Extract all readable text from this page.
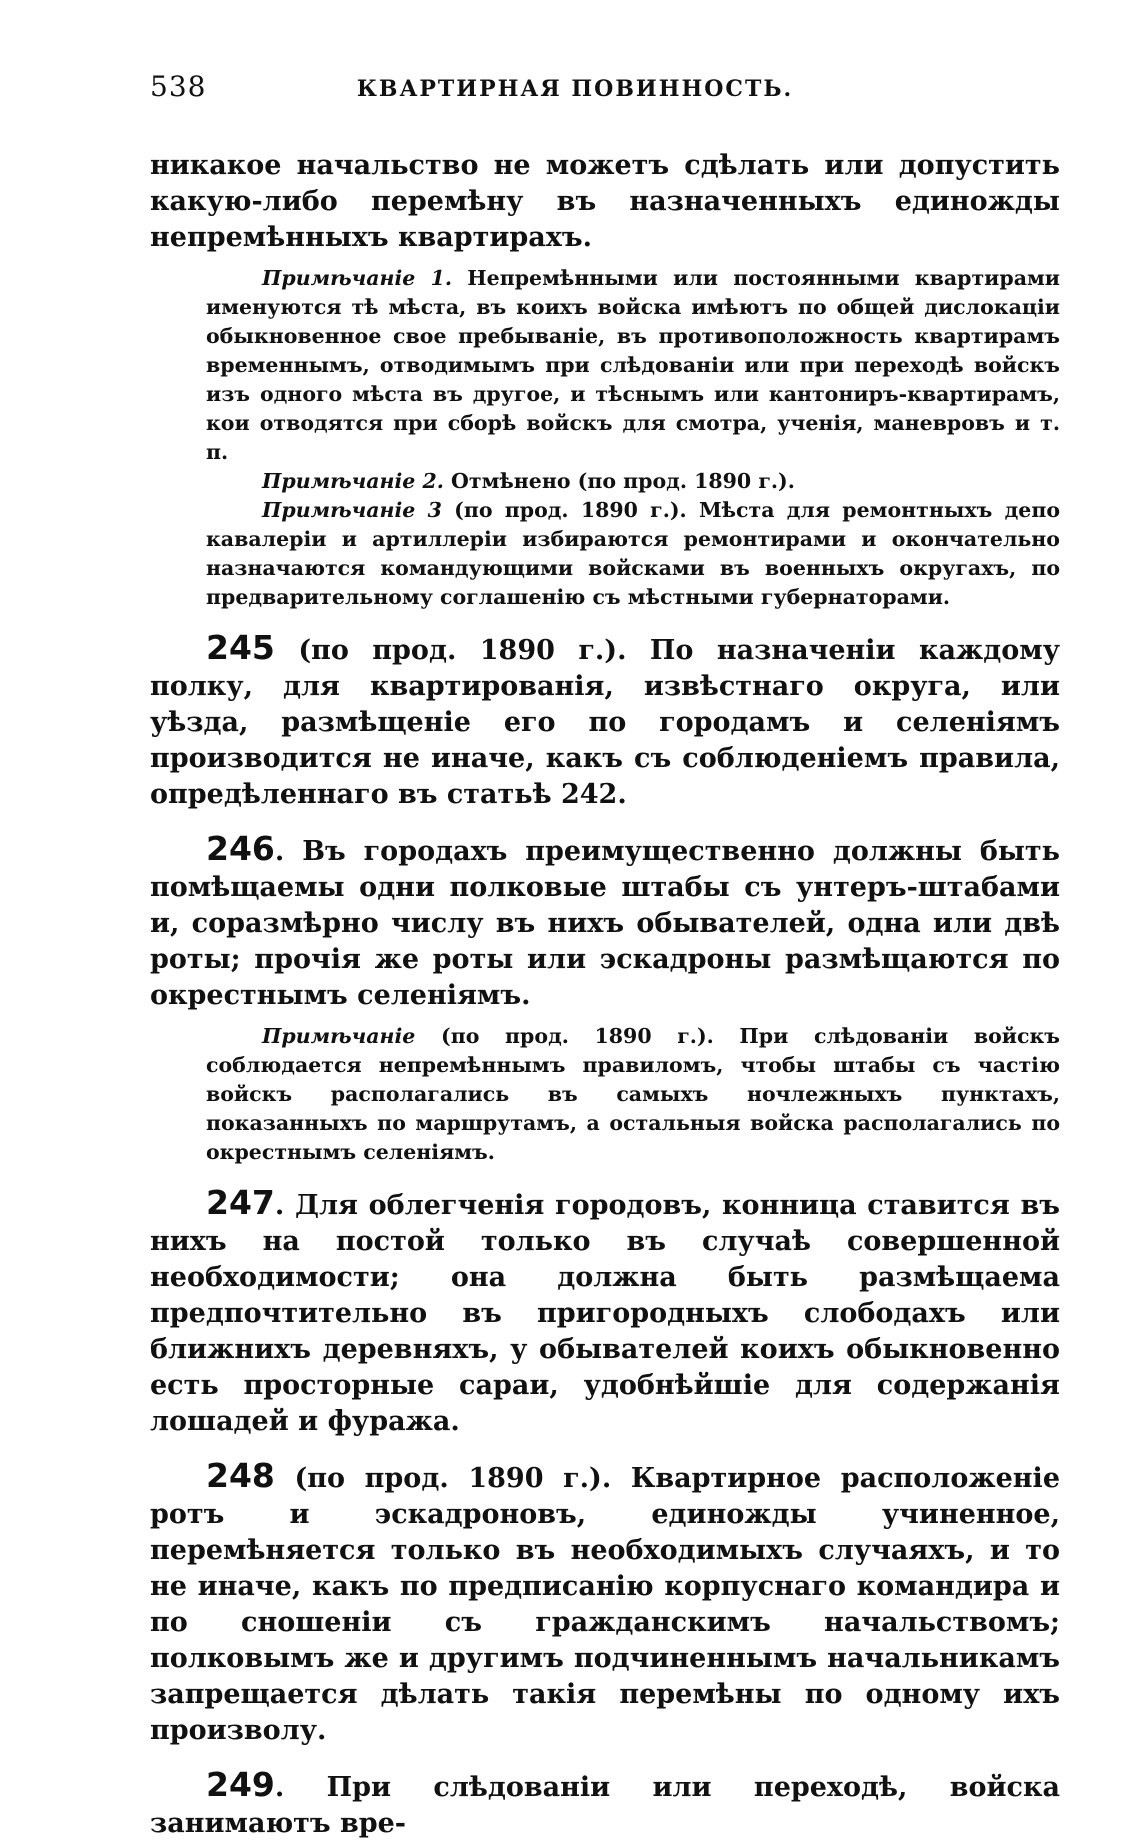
538	КВАРТИРНАЯ ПОВИННОСТЬ.

никакое начальство не можетъ сдѣлать или допустить какую-либо перемѣну въ назначенныхъ единожды непремѣнныхъ квартирахъ.

Примѣчаніе 1. Непремѣнными или постоянными квартирами именуются тѣ мѣста, въ коихъ войска имѣютъ по общей дислокаціи обыкновенное свое пребываніе, въ противоположность квартирамъ временнымъ, отводимымъ при слѣдованіи или при переходѣ войскъ изъ одного мѣста въ другое, и тѣснымъ или кантониръ-квартирамъ, кои отводятся при сборѣ войскъ для смотра, ученія, маневровъ и т. п.

Примѣчаніе 2. Отмѣнено (по прод. 1890 г.).

Примѣчаніе 3 (по прод. 1890 г.). Мѣста для ремонтныхъ депо кавалеріи и артиллеріи избираются ремонтирами и окончательно назначаются командующими войсками въ военныхъ округахъ, по предварительному соглашенію съ мѣстными губернаторами.

245 (по прод. 1890 г.). По назначеніи каждому полку, для квартированія, извѣстнаго округа, или уѣзда, размѣщеніе его по городамъ и селеніямъ производится не иначе, какъ съ соблюденіемъ правила, опредѣленнаго въ статьѣ 242.

246. Въ городахъ преимущественно должны быть помѣщаемы одни полковые штабы съ унтеръ-штабами и, соразмѣрно числу въ нихъ обывателей, одна или двѣ роты; прочія же роты или эскадроны размѣщаются по окрестнымъ селеніямъ.

Примѣчаніе (по прод. 1890 г.). При слѣдованіи войскъ соблюдается непремѣннымъ правиломъ, чтобы штабы съ частію войскъ располагались въ самыхъ ночлежныхъ пунктахъ, показанныхъ по маршрутамъ, а остальныя войска располагались по окрестнымъ селеніямъ.

247. Для облегченія городовъ, конница ставится въ нихъ на постой только въ случаѣ совершенной необходимости; она должна быть размѣщаема предпочтительно въ пригородныхъ слободахъ или ближнихъ деревняхъ, у обывателей коихъ обыкновенно есть просторные сараи, удобнѣйшіе для содержанія лошадей и фуража.

248 (по прод. 1890 г.). Квартирное расположеніе ротъ и эскадроновъ, единожды учиненное, перемѣняется только въ необходимыхъ случаяхъ, и то не иначе, какъ по предписанію корпуснаго командира и по сношеніи съ гражданскимъ начальствомъ; полковымъ же и другимъ подчиненнымъ начальникамъ запрещается дѣлать такія перемѣны по одному ихъ произволу.

249. При слѣдованіи или переходѣ, войска занимаютъ вре-
